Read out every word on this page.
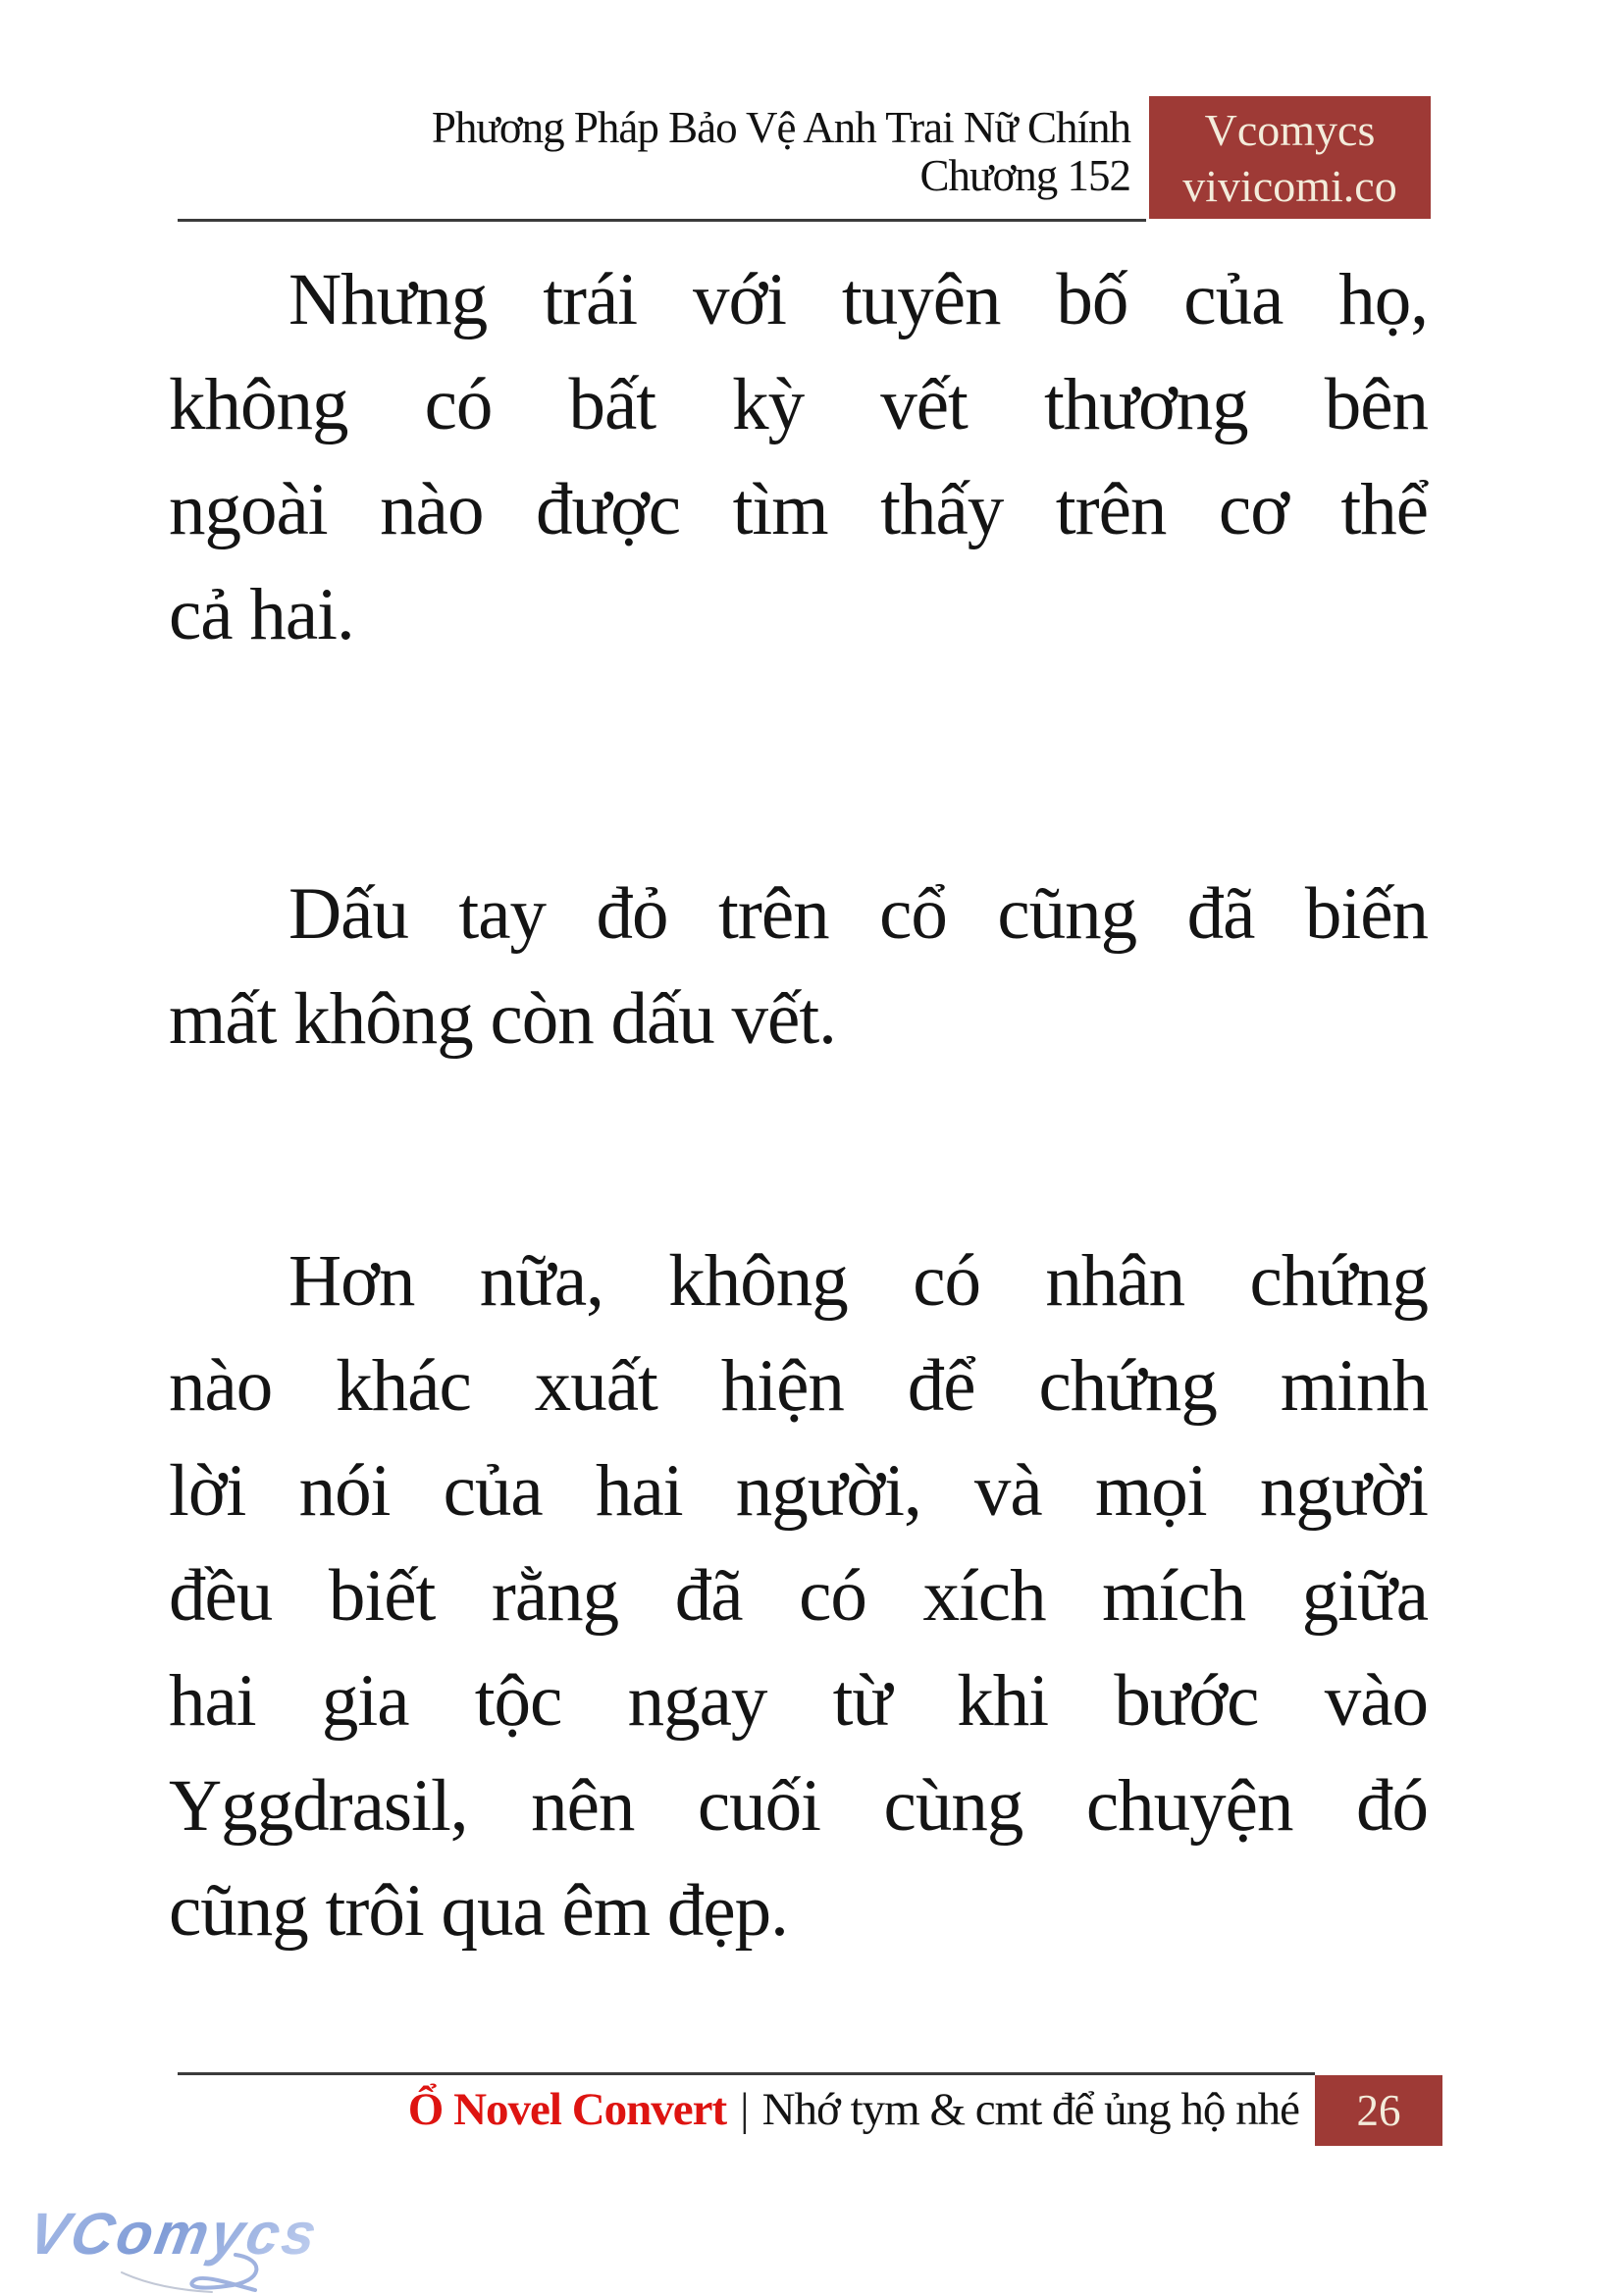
Phương Pháp Bảo Vệ Anh Trai Nữ Chính
Chương 152
Vcomycs
vivicomi.co
Nhưng trái với tuyên bố của họ,
không có bất kỳ vết thương bên
ngoài nào được tìm thấy trên cơ thể
cả hai.
Dấu tay đỏ trên cổ cũng đã biến
mất không còn dấu vết.
Hơn nữa, không có nhân chứng
nào khác xuất hiện để chứng minh
lời nói của hai người, và mọi người
đều biết rằng đã có xích mích giữa
hai gia tộc ngay từ khi bước vào
Yggdrasil, nên cuối cùng chuyện đó
cũng trôi qua êm đẹp.
Ổ Novel Convert | Nhớ tym & cmt để ủng hộ nhé 26
VComycs
